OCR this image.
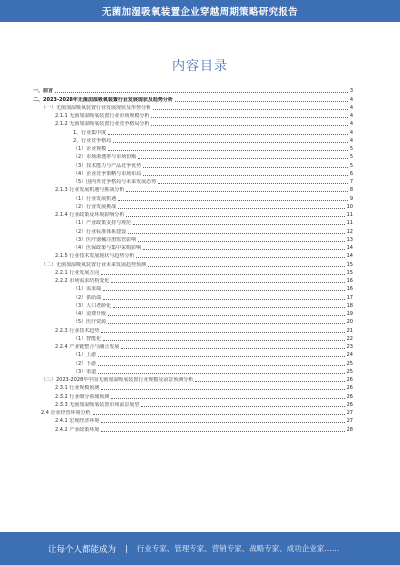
无菌加湿吸氧装置企业穿越周期策略研究报告
内容目录
一、前言	3
二、2023-2028年无菌加湿吸氧装置行业发展现状及趋势分析	4
（一）无菌加湿吸氧装置行业发展现状及形势分析	4
2.1.1 无菌加湿吸氧装置行业市场规模分析	4
2.1.2 无菌加湿吸氧装置行业竞争格局分析	4
1、行业集中度	4
2、行业竞争格局	4
（1）企业规模	5
（2）市场渗透率与市场份额	5
（3）技术能力与产品竞争优势	5
（4）企业竞争策略与市场布局	6
（5）国内外竞争格局与未来发展态势	7
2.1.3 行业发展机遇与挑战分析	8
（1）行业发展机遇	9
（2）行业发展挑战	10
2.1.4 行业政策及环境影响分析	11
（1）产业政策支持与规范	11
（2）行业标准体系建设	12
（3）医疗器械注册监管影响	13
（4）医保政策与集中采购影响	14
2.1.5 行业技术发展现状与趋势分析	14
（二）无菌加湿吸氧装置行业未来发展趋势预测	15
2.2.1 行业发展方向	15
2.2.2 市场需求结构变化	16
（1）需求端	16
（2）供给端	17
（3）人口老龄化	18
（4）消费升级	19
（5）医疗资源	20
2.2.3 行业技术趋势	21
（1）智能化	22
2.2.4 产业链整合与融合发展	23
（1）上游	24
（2）下游	25
（3）渠道	25
（三）2023-2028年中国无菌加湿吸氧装置行业规模及前景预测分析	26
2.3.1 行业规模预测	26
2.3.2 行业细分领域预测	26
2.3.3 无菌加湿吸氧装置市场前景展望	26
2.4 企业经营环境分析	27
2.4.1 宏观经济环境	27
2.4.2 产业政策环境	28
让每个人都能成为 | 行业专家、管理专家、营销专家、战略专家、成功企业家……
